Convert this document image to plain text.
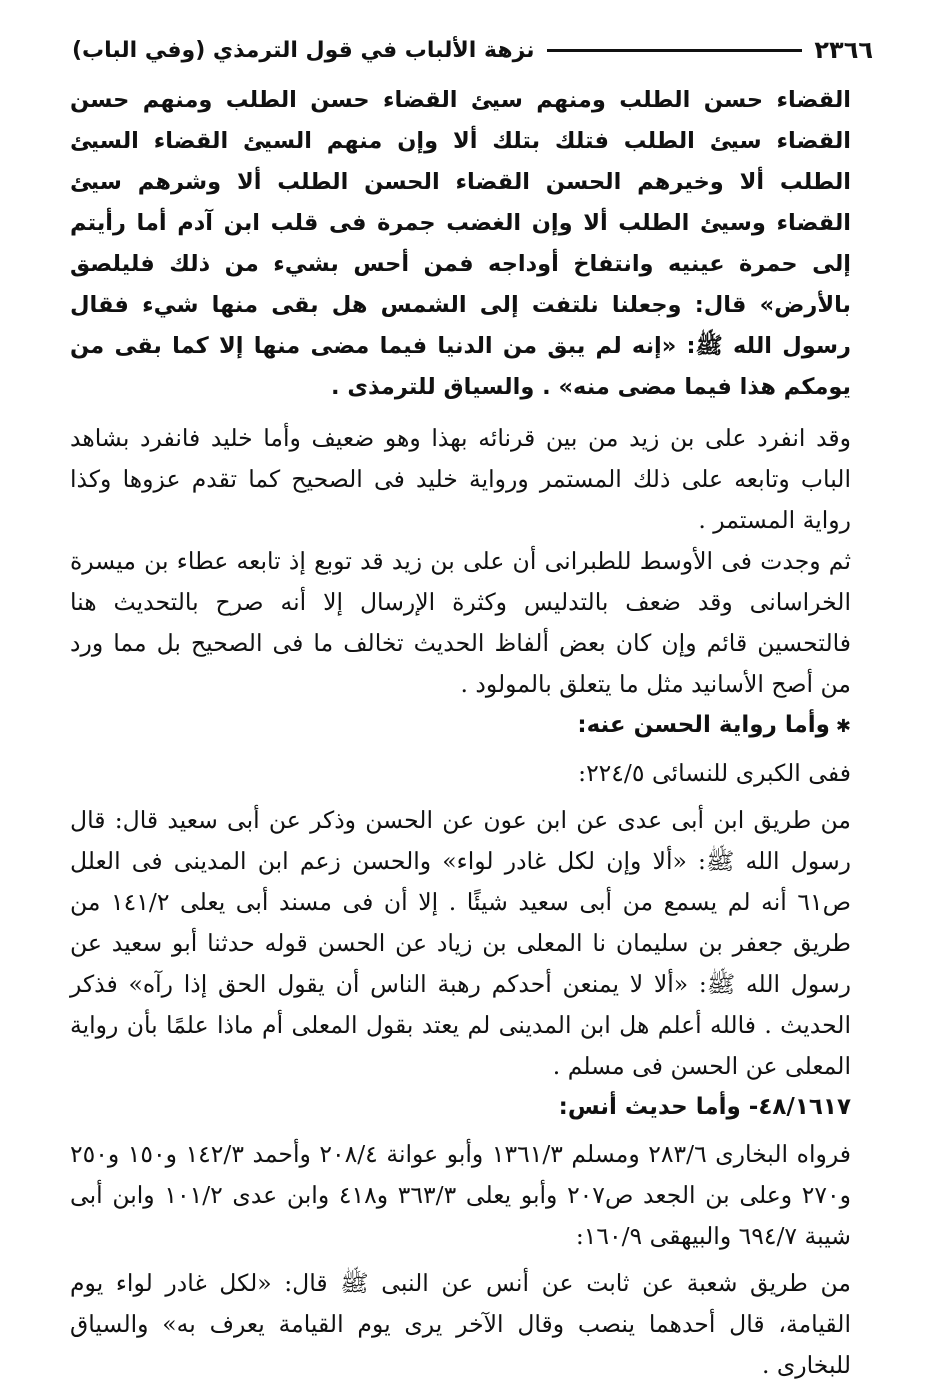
٢٣٦٦
نزهة الألباب في قول الترمذي (وفي الباب)

القضاء حسن الطلب ومنهم سيئ القضاء حسن الطلب ومنهم حسن القضاء سيئ الطلب فتلك بتلك ألا وإن منهم السيئ القضاء السيئ الطلب ألا وخيرهم الحسن القضاء الحسن الطلب ألا وشرهم سيئ القضاء وسيئ الطلب ألا وإن الغضب جمرة فى قلب ابن آدم أما رأيتم إلى حمرة عينيه وانتفاخ أوداجه فمن أحس بشيء من ذلك فليلصق بالأرض» قال: وجعلنا نلتفت إلى الشمس هل بقى منها شيء فقال رسول الله ﷺ: «إنه لم يبق من الدنيا فيما مضى منها إلا كما بقى من يومكم هذا فيما مضى منه» . والسياق للترمذى .

وقد انفرد على بن زيد من بين قرنائه بهذا وهو ضعيف وأما خليد فانفرد بشاهد الباب وتابعه على ذلك المستمر ورواية خليد فى الصحيح كما تقدم عزوها وكذا رواية المستمر .

ثم وجدت فى الأوسط للطبرانى أن على بن زيد قد توبع إذ تابعه عطاء بن ميسرة الخراسانى وقد ضعف بالتدليس وكثرة الإرسال إلا أنه صرح بالتحديث هنا فالتحسين قائم وإن كان بعض ألفاظ الحديث تخالف ما فى الصحيح بل مما ورد من أصح الأسانيد مثل ما يتعلق بالمولود .

✱وأما رواية الحسن عنه:

ففى الكبرى للنسائى ٢٢٤/٥:

من طريق ابن أبى عدى عن ابن عون عن الحسن وذكر عن أبى سعيد قال: قال رسول الله ﷺ: «ألا وإن لكل غادر لواء» والحسن زعم ابن المدينى فى العلل ص٦١ أنه لم يسمع من أبى سعيد شيئًا . إلا أن فى مسند أبى يعلى ١٤١/٢ من طريق جعفر بن سليمان نا المعلى بن زياد عن الحسن قوله حدثنا أبو سعيد عن رسول الله ﷺ: «ألا لا يمنعن أحدكم رهبة الناس أن يقول الحق إذا رآه» فذكر الحديث . فالله أعلم هل ابن المدينى لم يعتد بقول المعلى أم ماذا علمًا بأن رواية المعلى عن الحسن فى مسلم .

٤٨/١٦١٧- وأما حديث أنس:

فرواه البخارى ٢٨٣/٦ ومسلم ١٣٦١/٣ وأبو عوانة ٢٠٨/٤ وأحمد ١٤٢/٣ و١٥٠ و٢٥٠ و٢٧٠ وعلى بن الجعد ص٢٠٧ وأبو يعلى ٣٦٣/٣ و٤١٨ وابن عدى ١٠١/٢ وابن أبى شيبة ٦٩٤/٧ والبيهقى ١٦٠/٩:

من طريق شعبة عن ثابت عن أنس عن النبى ﷺ قال: «لكل غادر لواء يوم القيامة، قال أحدهما ينصب وقال الآخر يرى يوم القيامة يعرف به» والسياق للبخارى .
